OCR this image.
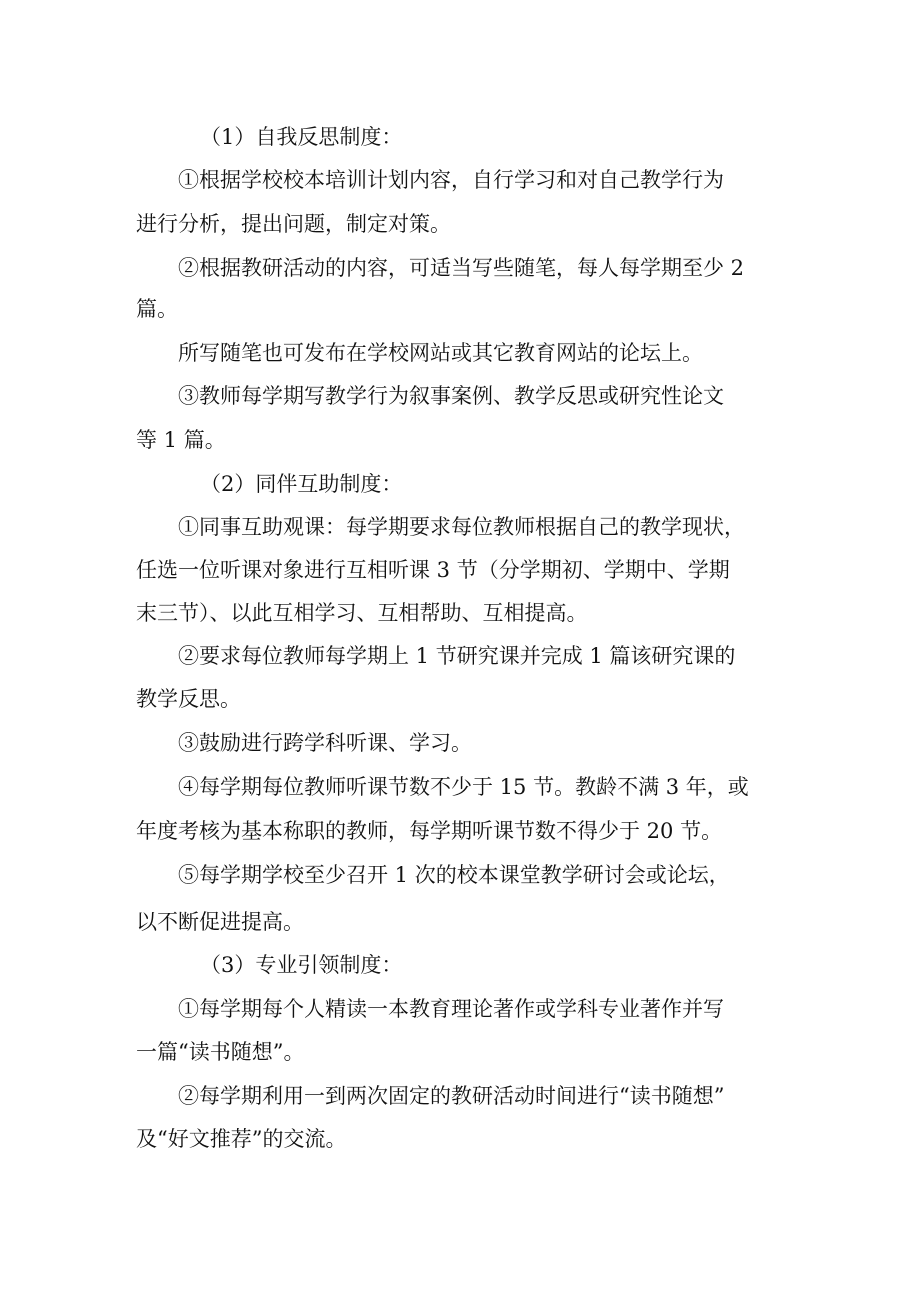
（1）自我反思制度：
①根据学校校本培训计划内容，自行学习和对自己教学行为
进行分析，提出问题，制定对策。
②根据教研活动的内容，可适当写些随笔，每人每学期至少 2
篇。
所写随笔也可发布在学校网站或其它教育网站的论坛上。
③教师每学期写教学行为叙事案例、教学反思或研究性论文
等 1 篇。
（2）同伴互助制度：
①同事互助观课：每学期要求每位教师根据自己的教学现状，
任选一位听课对象进行互相听课 3 节（分学期初、学期中、学期
末三节）、以此互相学习、互相帮助、互相提高。
②要求每位教师每学期上 1 节研究课并完成 1 篇该研究课的
教学反思。
③鼓励进行跨学科听课、学习。
④每学期每位教师听课节数不少于 15 节。教龄不满 3 年，或
年度考核为基本称职的教师，每学期听课节数不得少于 20 节。
⑤每学期学校至少召开 1 次的校本课堂教学研讨会或论坛，
以不断促进提高。
（3）专业引领制度：
①每学期每个人精读一本教育理论著作或学科专业著作并写
一篇“读书随想”。
②每学期利用一到两次固定的教研活动时间进行“读书随想”
及“好文推荐”的交流。
